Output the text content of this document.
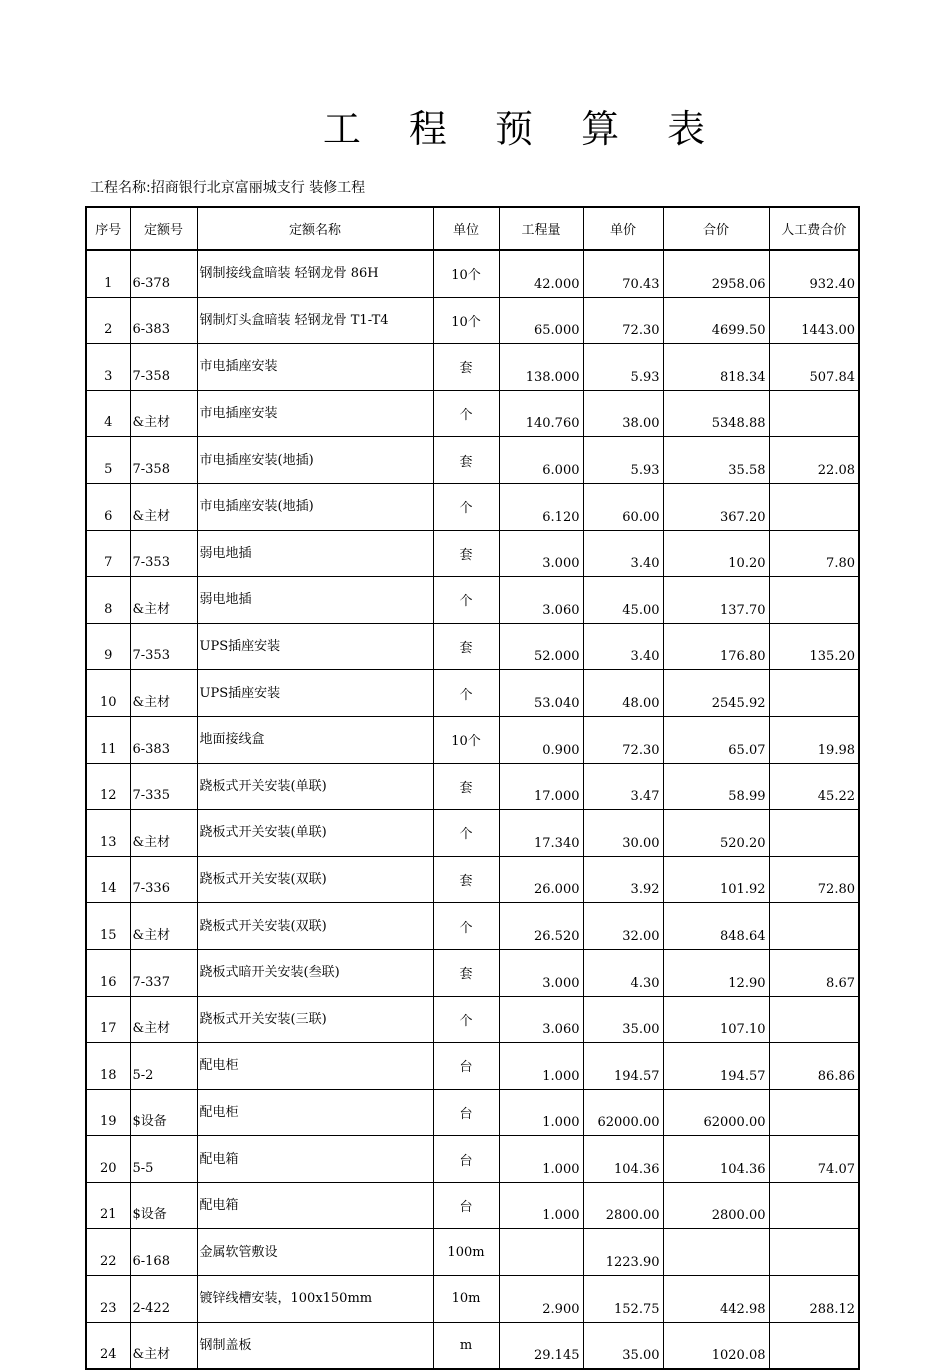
工 程 预 算 表
工程名称:招商银行北京富丽城支行 装修工程
序号	定额号	定额名称	单位	工程量	单价	合价	人工费合价
1	6-378	钢制接线盒暗装 轻钢龙骨 86H	10个	42.000	70.43	2958.06	932.40
2	6-383	钢制灯头盒暗装 轻钢龙骨 T1-T4	10个	65.000	72.30	4699.50	1443.00
3	7-358	市电插座安装	套	138.000	5.93	818.34	507.84
4	&主材	市电插座安装	个	140.760	38.00	5348.88	
5	7-358	市电插座安装(地插)	套	6.000	5.93	35.58	22.08
6	&主材	市电插座安装(地插)	个	6.120	60.00	367.20	
7	7-353	弱电地插	套	3.000	3.40	10.20	7.80
8	&主材	弱电地插	个	3.060	45.00	137.70	
9	7-353	UPS插座安装	套	52.000	3.40	176.80	135.20
10	&主材	UPS插座安装	个	53.040	48.00	2545.92	
11	6-383	地面接线盒	10个	0.900	72.30	65.07	19.98
12	7-335	跷板式开关安装(单联)	套	17.000	3.47	58.99	45.22
13	&主材	跷板式开关安装(单联)	个	17.340	30.00	520.20	
14	7-336	跷板式开关安装(双联)	套	26.000	3.92	101.92	72.80
15	&主材	跷板式开关安装(双联)	个	26.520	32.00	848.64	
16	7-337	跷板式暗开关安装(叁联)	套	3.000	4.30	12.90	8.67
17	&主材	跷板式开关安装(三联)	个	3.060	35.00	107.10	
18	5-2	配电柜	台	1.000	194.57	194.57	86.86
19	$设备	配电柜	台	1.000	62000.00	62000.00	
20	5-5	配电箱	台	1.000	104.36	104.36	74.07
21	$设备	配电箱	台	1.000	2800.00	2800.00	
22	6-168	金属软管敷设	100m		1223.90		
23	2-422	镀锌线槽安装，100x150mm	10m	2.900	152.75	442.98	288.12
24	&主材	钢制盖板	m	29.145	35.00	1020.08	
